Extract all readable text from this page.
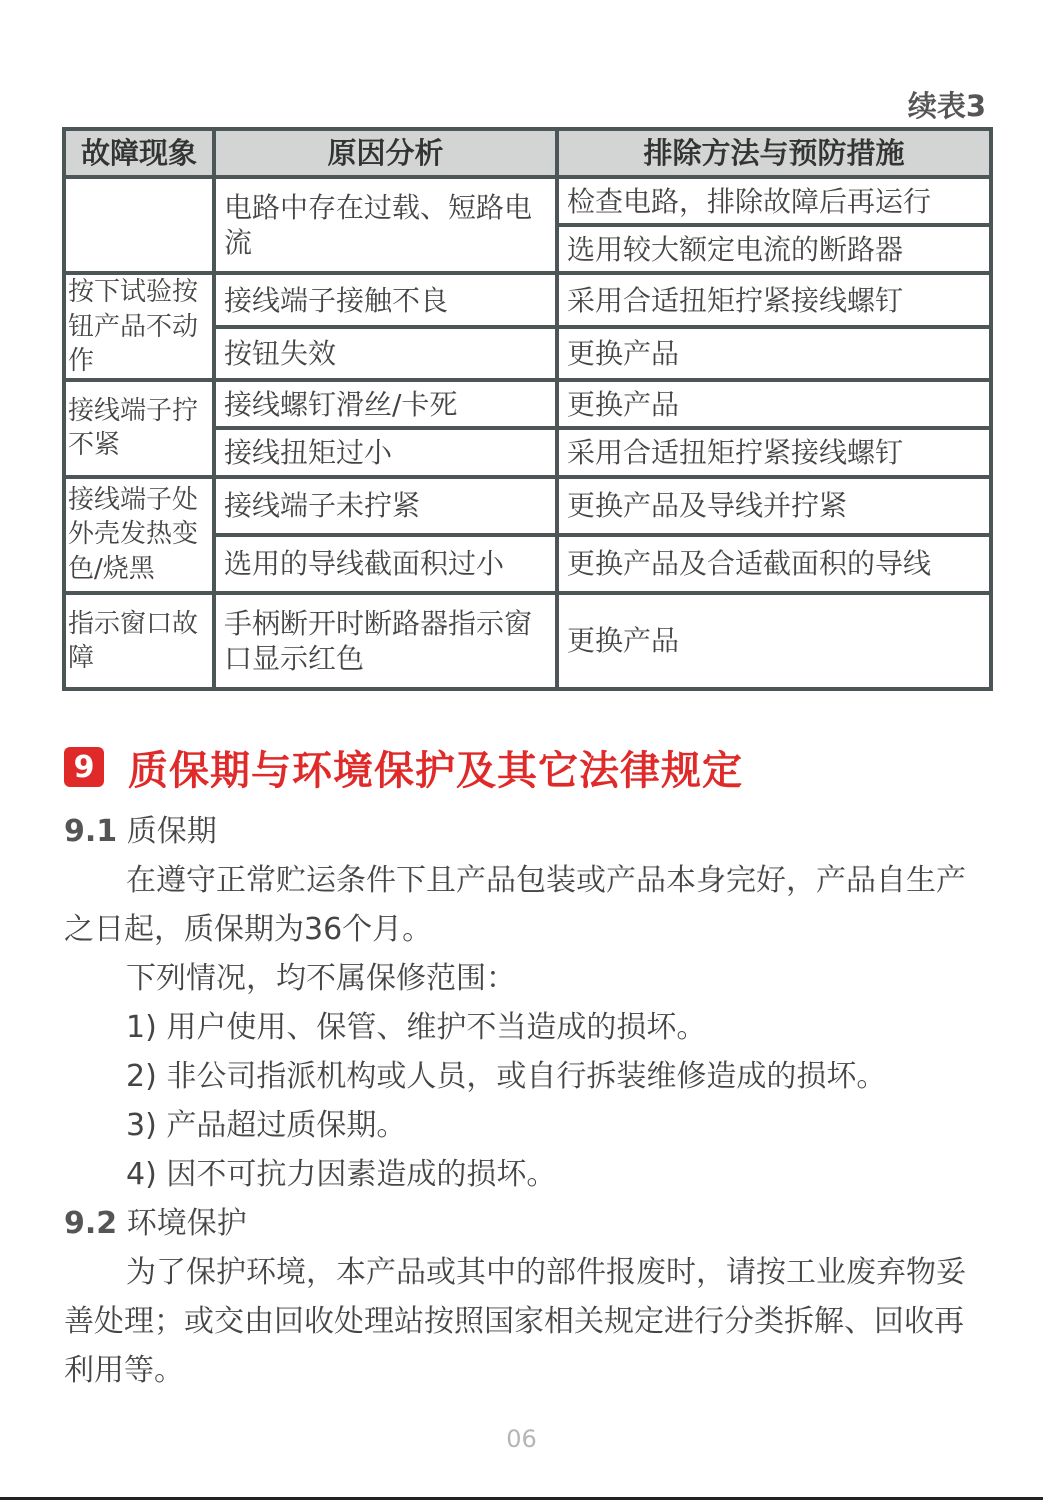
续表3
故障现象	原因分析	排除方法与预防措施
	电路中存在过载、短路电流	检查电路，排除故障后再运行
		选用较大额定电流的断路器
按下试验按钮产品不动作	接线端子接触不良	采用合适扭矩拧紧接线螺钉
	按钮失效	更换产品
接线端子拧不紧	接线螺钉滑丝/卡死	更换产品
	接线扭矩过小	采用合适扭矩拧紧接线螺钉
接线端子处外壳发热变色/烧黑	接线端子未拧紧	更换产品及导线并拧紧
	选用的导线截面积过小	更换产品及合适截面积的导线
指示窗口故障	手柄断开时断路器指示窗口显示红色	更换产品
9 质保期与环境保护及其它法律规定

9.1 质保期

在遵守正常贮运条件下且产品包装或产品本身完好，产品自生产之日起，质保期为36个月。

下列情况，均不属保修范围：

1) 用户使用、保管、维护不当造成的损坏。

2) 非公司指派机构或人员，或自行拆装维修造成的损坏。

3) 产品超过质保期。

4) 因不可抗力因素造成的损坏。

9.2 环境保护

为了保护环境，本产品或其中的部件报废时，请按工业废弃物妥善处理；或交由回收处理站按照国家相关规定进行分类拆解、回收再利用等。

06
